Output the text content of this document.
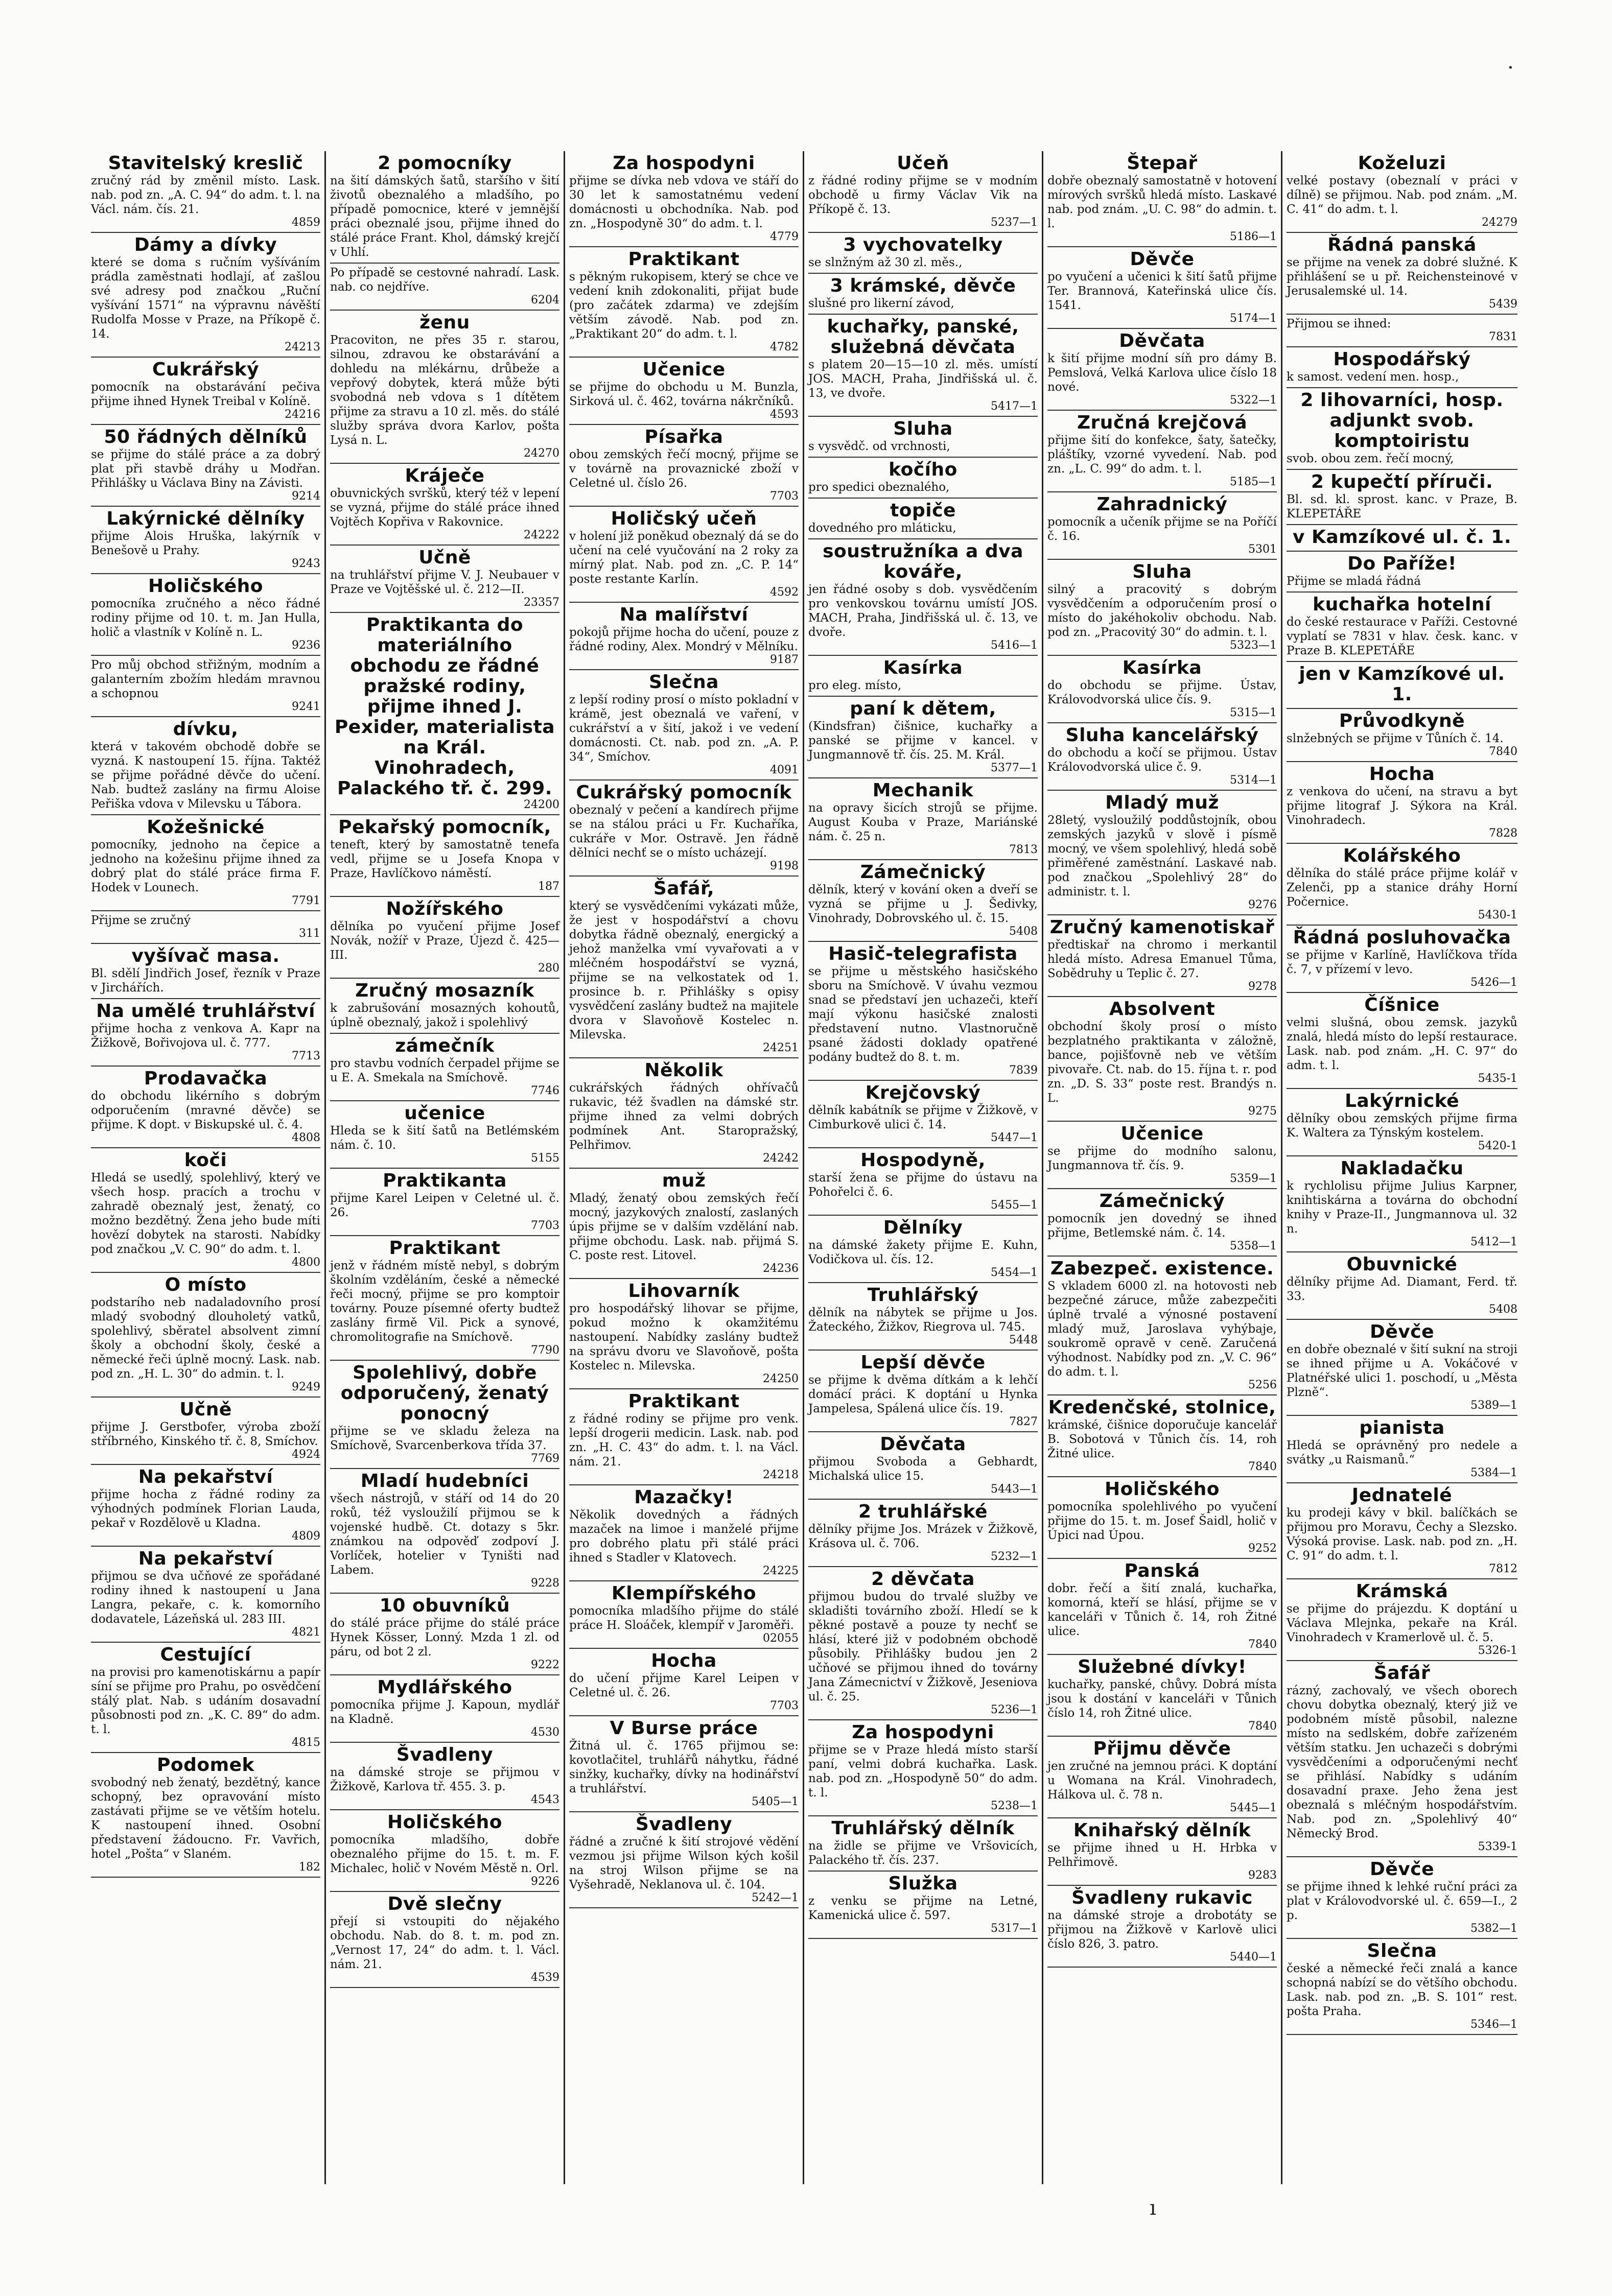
Stavitelský kreslič

zručný rád by změnil místo. Lask. nab. pod zn. „A. C. 94“ do adm. t. l. na Václ. nám. čís. 21.

4859
Dámy a dívky

které se doma s ručním vyšíváním prádla zaměstnati hodlají, ať zašlou své adresy pod značkou „Ruční vyšívání 1571“ na výpravnu návěští Rudolfa Mosse v Praze, na Příkopě č. 14.

24213
Cukrářský

pomocník na obstarávání pečiva přijme ihned Hynek Treibal v Kolíně.

24216
50 řádných dělníků

se přijme do stálé práce a za dobrý plat při stavbě dráhy u Modřan. Přihlášky u Václava Biny na Závisti.

9214
Lakýrnické dělníky

přijme Alois Hruška, lakýrník v Benešově u Prahy.

9243
Holičského

pomocníka zručného a něco řádné rodiny přijme od 10. t. m. Jan Hulla, holič a vlastník v Kolíně n. L.

9236

Pro můj obchod střižným, modním a galanterním zbožím hledám mravnou a schopnou

9241
dívku,

která v takovém obchodě dobře se vyzná. K nastoupení 15. října. Taktéž se přijme pořádné děvče do učení. Nab. budtež zaslány na firmu Aloise Peřiška vdova v Milevsku u Tábora.

Kožešnické

pomocníky, jednoho na čepice a jednoho na kožešinu přijme ihned za dobrý plat do stálé práce firma F. Hodek v Lounech.

7791

Přijme se zručný

311
vyšívač masa.

Bl. sdělí Jindřich Josef, řezník v Praze v Jirchářích.

Na umělé truhlářství

přijme hocha z venkova A. Kapr na Žižkově, Bořivojova ul. č. 777.

7713
Prodavačka

do obchodu likérního s dobrým odporučením (mravné děvče) se přijme. K dopt. v Biskupské ul. č. 4.

4808
koči

Hledá se usedlý, spolehlivý, který ve všech hosp. pracích a trochu v zahradě obeznalý jest, ženatý, co možno bezdětný. Žena jeho bude míti hovězí dobytek na starosti. Nabídky pod značkou „V. C. 90“ do adm. t. l.

4800
O místo

podstarího neb nadaladovního prosí mladý svobodný dlouholetý vatků, spolehlivý, sběratel absolvent zimní školy a obchodní školy, české a německé řeči úplně mocný. Lask. nab. pod zn. „H. L. 30“ do admin. t. l.

9249
Učně

přijme J. Gerstbofer, výroba zboží stříbrného, Kinského tř. č. 8, Smíchov.

4924
Na pekařství

přijme hocha z řádné rodiny za výhodných podmínek Florian Lauda, pekař v Rozdělově u Kladna.

4809
Na pekařství

přijmou se dva učňové ze spořádané rodiny ihned k nastoupení u Jana Langra, pekaře, c. k. komorního dodavatele, Lázeňská ul. 283 III.

4821
Cestující

na provisi pro kamenotiskárnu a papír síní se přijme pro Prahu, po osvědčení stálý plat. Nab. s udáním dosavadní působnosti pod zn. „K. C. 89“ do adm. t. l.

4815
Podomek

svobodný neb ženatý, bezdětný, kance schopný, bez opravování místo zastávati přijme se ve větším hotelu. K nastoupení ihned. Osobní představení žádoucno. Fr. Vavřich, hotel „Pošta“ v Slaném.

182
2 pomocníky

na šití dámských šatů, staršího v šití životů obeznalého a mladšího, po případě pomocnice, které v jemnější práci obeznalé jsou, přijme ihned do stálé práce Frant. Khol, dámský krejčí v Uhlí.

Po případě se cestovné nahradí. Lask. nab. co nejdříve.

6204
ženu

Pracoviton, ne přes 35 r. starou, silnou, zdravou ke obstarávání a dohledu na mlékárnu, drůbeže a vepřový dobytek, která může býti svobodná neb vdova s 1 dítětem přijme za stravu a 10 zl. měs. do stálé služby správa dvora Karlov, pošta Lysá n. L.

24270
Kráječe

obuvnických svršků, který též v lepení se vyzná, přijme do stálé práce ihned Vojtěch Kopřiva v Rakovnice.

24222
Učně

na truhlářství přijme V. J. Neubauer v Praze ve Vojtěšské ul. č. 212—II.

23357
Praktikanta do materiálního obchodu ze řádné pražské rodiny, přijme ihned J. Pexider, materialista na Král. Vinohradech, Palackého tř. č. 299.
24200
Pekařský pomocník,

teneft, který by samostatně tenefa vedl, přijme se u Josefa Knopa v Praze, Havlíčkovo náměstí.

187
Nožířského

dělníka po vyučení přijme Josef Novák, nožíř v Praze, Újezd č. 425—III.

280
Zručný mosazník

k zabrušování mosazných kohoutů, úplně obeznalý, jakož i spolehlivý

zámečník

pro stavbu vodních čerpadel přijme se u E. A. Smekala na Smíchově.

7746
učenice

Hleda se k šití šatů na Betlémském nám. č. 10.

5155
Praktikanta

přijme Karel Leipen v Celetné ul. č. 26.

7703
Praktikant

jenž v řádném místě nebyl, s dobrým školním vzděláním, české a německé řeči mocný, přijme se pro komptoir továrny. Pouze písemné oferty budtež zaslány firmě Vil. Pick a synové, chromolitografie na Smíchově.

7790
Spolehlivý, dobře odporučený, ženatý ponocný

přijme se ve skladu železa na Smíchově, Svarcenberkova třída 37.

7769
Mladí hudebníci

všech nástrojů, v stáří od 14 do 20 roků, též vysloužilí přijmou se k vojenské hudbě. Ct. dotazy s 5kr. známkou na odpověď zodpoví J. Vorlíček, hotelier v Tyništi nad Labem.

9228
10 obuvníků

do stálé práce přijme do stálé práce Hynek Kösser, Lonný. Mzda 1 zl. od páru, od bot 2 zl.

9222
Mydlářského

pomocníka přijme J. Kapoun, mydlář na Kladně.

4530
Švadleny

na dámské stroje se přijmou v Žižkově, Karlova tř. 455. 3. p.

4543
Holičského

pomocníka mladšího, dobře obeznalého přijme do 15. t. m. F. Michalec, holič v Novém Městě n. Orl.

9226
Dvě slečny

přejí si vstoupiti do nějakého obchodu. Nab. do 8. t. m. pod zn. „Vernost 17, 24“ do adm. t. l. Václ. nám. 21.

4539
Za hospodyni

přijme se dívka neb vdova ve stáří do 30 let k samostatnému vedení domácnosti u obchodníka. Nab. pod zn. „Hospodyně 30“ do adm. t. l.

4779
Praktikant

s pěkným rukopisem, který se chce ve vedení knih zdokonaliti, přijat bude (pro začátek zdarma) ve zdejším větším závodě. Nab. pod zn. „Praktikant 20“ do adm. t. l.

4782
Učenice

se přijme do obchodu u M. Bunzla, Sirková ul. č. 462, továrna nákrčníků.

4593
Písařka

obou zemských řečí mocný, přijme se v továrně na provaznické zboží v Celetné ul. číslo 26.

7703
Holičský učeň

v holení již poněkud obeznalý dá se do učení na celé vyučování na 2 roky za mírný plat. Nab. pod zn. „C. P. 14“ poste restante Karlín.

4592
Na malířství

pokojů přijme hocha do učení, pouze z řádné rodiny, Alex. Mondrý v Mělníku.

9187
Slečna

z lepší rodiny prosí o místo pokladní v krámě, jest obeznalá ve vaření, v cukrářství a v šití, jakož i ve vedení domácnosti. Ct. nab. pod zn. „A. P. 34“, Smíchov.

4091
Cukrářský pomocník

obeznalý v pečení a kandírech přijme se na stálou práci u Fr. Kuchaříka, cukráře v Mor. Ostravě. Jen řádně dělníci nechť se o místo ucházejí.

9198
Šafář,

který se vysvědčeními vykázati může, že jest v hospodářství a chovu dobytka řádně obeznalý, energický a jehož manželka vmí vyvařovati a v mléčném hospodářství se vyzná, přijme se na velkostatek od 1. prosince b. r. Přihlášky s opisy vysvědčení zaslány budtež na majitele dvora v Slavoňově Kostelec n. Milevska.

24251
Několik

cukrářských řádných ohřívačů rukavic, též švadlen na dámské str. přijme ihned za velmi dobrých podmínek Ant. Staropražský, Pelhřimov.

24242
muž

Mladý, ženatý obou zemských řečí mocný, jazykových znalostí, zaslaných úpis přijme se v dalším vzdělání nab. přijme obchodu. Lask. nab. přijmá S. C. poste rest. Litovel.

24236
Lihovarník

pro hospodářský lihovar se přijme, pokud možno k okamžitému nastoupení. Nabídky zaslány budtež na správu dvoru ve Slavoňově, pošta Kostelec n. Milevska.

24250
Praktikant

z řádné rodiny se přijme pro venk. lepší drogerii medicin. Lask. nab. pod zn. „H. C. 43“ do adm. t. l. na Václ. nám. 21.

24218
Mazačky!

Několik dovedných a řádných mazaček na limoe i manželé přijme pro dobrého platu při stálé práci ihned s Stadler v Klatovech.

24225
Klempířského

pomocníka mladšího přijme do stálé práce H. Sloáček, klempíř v Jaroměři.

02055
Hocha

do učení přijme Karel Leipen v Celetné ul. č. 26.

7703
V Burse práce

Žitná ul. č. 1765 přijmou se: kovotlačitel, truhlářů náhytku, řádné sinžky, kuchařky, dívky na hodinářství a truhlářství.

5405—1
Švadleny

řádné a zručné k šití strojové vědění vezmou jsi přijme Wilson kých košil na stroj Wilson přijme se na Vyšehradě, Neklanova ul. č. 104.

5242—1
Učeň

z řádné rodiny přijme se v modním obchodě u firmy Václav Vik na Příkopě č. 13.

5237—1
3 vychovatelky

se slnžným až 30 zl. měs.,

3 krámské, děvče

slušné pro likerní závod,

kuchařky, panské, služebná děvčata

s platem 20—15—10 zl. měs. umístí JOS. MACH, Praha, Jindřišská ul. č. 13, ve dvoře.

5417—1
Sluha

s vysvědč. od vrchnosti,

kočího

pro spedici obeznalého,

topiče

dovedného pro mláticku,

soustružníka a dva kováře,

jen řádné osoby s dob. vysvědčením pro venkovskou továrnu umístí JOS. MACH, Praha, Jindřišská ul. č. 13, ve dvoře.

5416—1
Kasírka

pro eleg. místo,

paní k dětem,

(Kindsfran) čišnice, kuchařky a panské se přijme v kancel. v Jungmannově tř. čís. 25. M. Král.

5377—1
Mechanik

na opravy šicích strojů se přijme. August Kouba v Praze, Mariánské nám. č. 25 n.

7813
Zámečnický

dělník, který v kování oken a dveří se vyzná se přijme u J. Šedivky, Vinohrady, Dobrovského ul. č. 15.

5408
Hasič-telegrafista

se přijme u městského hasičského sboru na Smíchově. V úvahu vezmou snad se představí jen uchazeči, kteří mají výkonu hasičské znalosti představení nutno. Vlastnoručně psané žádosti doklady opatřené podány budtež do 8. t. m.

7839
Krejčovský

dělník kabátník se přijme v Žižkově, v Cimburkově ulici č. 14.

5447—1
Hospodyně,

starší žena se přijme do ústavu na Pohořelci č. 6.

5455—1
Dělníky

na dámské žakety přijme E. Kuhn, Vodičkova ul. čís. 12.

5454—1
Truhlářský

dělník na nábytek se přijme u Jos. Žateckého, Žižkov, Riegrova ul. 745.

5448
Lepší děvče

se přijme k dvěma dítkám a k lehčí domácí práci. K doptání u Hynka Jampelesa, Spálená ulice čís. 19.

7827
Děvčata

přijmou Svoboda a Gebhardt, Michalská ulice 15.

5443—1
2 truhlářské

dělníky přijme Jos. Mrázek v Žižkově, Krásova ul. č. 706.

5232—1
2 děvčata

přijmou budou do trvalé služby ve skladišti továrního zboží. Hledí se k pěkné postavě a pouze ty nechť se hlásí, které již v podobném obchodě působily. Přihlášky budou jen 2 učňové se přijmou ihned do továrny Jana Zámecnictví v Žižkově, Jeseniova ul. č. 25.

5236—1
Za hospodyni

přijme se v Praze hledá místo starší paní, velmi dobrá kuchařka. Lask. nab. pod zn. „Hospodyně 50“ do adm. t. l.

5238—1
Truhlářský dělník

na židle se přijme ve Vršovicích, Palackého tř. čís. 237.

Služka

z venku se přijme na Letné, Kamenická ulice č. 597.

5317—1
Štepař

dobře obeznalý samostatně v hotovení mírových svršků hledá místo. Laskavé nab. pod znám. „U. C. 98“ do admin. t. l.

5186—1
Děvče

po vyučení a učenici k šití šatů přijme Ter. Brannová, Kateřinská ulice čís. 1541.

5174—1
Děvčata

k šití přijme modní síň pro dámy B. Pemslová, Velká Karlova ulice číslo 18 nové.

5322—1
Zručná krejčová

přijme šití do konfekce, šaty, šatečky, pláštíky, vzorné vyvedení. Nab. pod zn. „L. C. 99“ do adm. t. l.

5185—1
Zahradnický

pomocník a učeník přijme se na Poříčí č. 16.

5301
Sluha

silný a pracovitý s dobrým vysvědčením a odporučením prosí o místo do jakéhokoliv obchodu. Nab. pod zn. „Pracovitý 30“ do admin. t. l.

5323—1
Kasírka

do obchodu se přijme. Ústav, Královodvorská ulice čís. 9.

5315—1
Sluha kancelářský

do obchodu a kočí se přijmou. Ústav Královodvorská ulice č. 9.

5314—1
Mladý muž

28letý, vysloužilý poddůstojník, obou zemských jazyků v slově i písmě mocný, ve všem spolehlivý, hledá sobě přiměřené zaměstnání. Laskavé nab. pod značkou „Spolehlivý 28“ do administr. t. l.

9276
Zručný kamenotiskař

předtiskař na chromo i merkantil hledá místo. Adresa Emanuel Tůma, Sobědruhy u Teplic č. 27.

9278
Absolvent

obchodní školy prosí o místo bezplatného praktikanta v záložně, bance, pojišťovně neb ve větším pivovaře. Ct. nab. do 15. října t. r. pod zn. „D. S. 33“ poste rest. Brandýs n. L.

9275
Učenice

se přijme do modního salonu, Jungmannova tř. čís. 9.

5359—1
Zámečnický

pomocník jen dovedný se ihned přijme, Betlemské nám. č. 14.

5358—1
Zabezpeč. existence.

S vkladem 6000 zl. na hotovosti neb bezpečné záruce, může zabezpečiti úplně trvalé a výnosné postavení mladý muž, Jaroslava vyhýbaje, soukromě opravě v ceně. Zaručená výhodnost. Nabídky pod zn. „V. C. 96“ do adm. t. l.

5256
Kredenčské, stolnice,

krámské, čišnice doporučuje kancelář B. Sobotová v Tůnich čís. 14, roh Žitné ulice.

7840
Holičského

pomocníka spolehlivého po vyučení přijme do 15. t. m. Josef Šaidl, holič v Úpici nad Úpou.

9252
Panská

dobr. řečí a šití znalá, kuchařka, komorná, kteří se hlásí, přijme se v kanceláři v Tůnich č. 14, roh Žitné ulice.

7840
Služebné dívky!

kuchařky, panské, chůvy. Dobrá místa jsou k dostání v kanceláři v Tůnich číslo 14, roh Žitné ulice.

7840
Přijmu děvče

jen zručné na jemnou práci. K doptání u Womana na Král. Vinohradech, Hálkova ul. č. 78 n.

5445—1
Knihařský dělník

se přijme ihned u H. Hrbka v Pelhřimově.

9283
Švadleny rukavic

na dámské stroje a drobotáty se přijmou na Žižkově v Karlově ulici číslo 826, 3. patro.

5440—1
Koželuzi

velké postavy (obeznalí v práci v dílně) se přijmou. Nab. pod znám. „M. C. 41“ do adm. t. l.

24279
Řádná panská

se přijme na venek za dobré služné. K přihlášení se u př. Reichensteinové v Jerusalemské ul. 14.

5439

Přijmou se ihned:

7831
Hospodářský

k samost. vedení men. hosp.,

2 lihovarníci, hosp. adjunkt svob. komptoiristu

svob. obou zem. řečí mocný,

2 kupečtí příruči.

Bl. sd. kl. sprost. kanc. v Praze, B. KLEPETÁŘE

v Kamzíkové ul. č. 1.
Do Paříže!

Přijme se mladá řádná

kuchařka hotelní

do české restaurace v Paříži. Cestovné vyplatí se 7831 v hlav. česk. kanc. v Praze B. KLEPETÁŘE

jen v Kamzíkové ul. 1.
Průvodkyně

slnžebných se přijme v Tůních č. 14.

7840
Hocha

z venkova do učení, na stravu a byt přijme litograf J. Sýkora na Král. Vinohradech.

7828
Kolářského

dělníka do stálé práce přijme kolář v Zelenči, pp a stanice dráhy Horní Počernice.

5430-1
Řádná posluhovačka

se přijme v Karlíně, Havlíčkova třída č. 7, v přízemí v levo.

5426—1
Číšnice

velmi slušná, obou zemsk. jazyků znalá, hledá místo do lepší restaurace. Lask. nab. pod znám. „H. C. 97“ do adm. t. l.

5435-1
Lakýrnické

dělníky obou zemských přijme firma K. Waltera za Týnským kostelem.

5420-1
Nakladačku

k rychlolisu přijme Julius Karpner, knihtiskárna a továrna do obchodní knihy v Praze-II., Jungmannova ul. 32 n.

5412—1
Obuvnické

dělníky přijme Ad. Diamant, Ferd. tř. 33.

5408
Děvče

en dobře obeznalé v šití sukní na stroji se ihned přijme u A. Vokáčové v Platnéřské ulici 1. poschodí, u „Města Plzně“.

5389—1
pianista

Hledá se oprávněný pro nedele a svátky „u Raismanů.“

5384—1
Jednatelé

ku prodeji kávy v bkil. balíčkách se přijmou pro Moravu, Čechy a Slezsko. Výsoká provise. Lask. nab. pod zn. „H. C. 91“ do adm. t. l.

7812
Krámská

se přijme do prájezdu. K doptání u Václava Mlejnka, pekaře na Král. Vinohradech v Kramerlově ul. č. 5.

5326-1
Šafář

rázný, zachovalý, ve všech oborech chovu dobytka obeznalý, který již ve podobném místě působil, nalezne místo na sedlském, dobře zařízeném větším statku. Jen uchazeči s dobrými vysvědčeními a odporučenými nechť se přihlásí. Nabídky s udáním dosavadní praxe. Jeho žena jest obeznalá s mléčným hospodářstvím. Nab. pod zn. „Spolehlivý 40“ Německý Brod.

5339-1
Děvče

se přijme ihned k lehké ruční práci za plat v Královodvorské ul. č. 659—I., 2 p.

5382—1
Slečna

české a německé řeči znalá a kance schopná nabízí se do většího obchodu. Lask. nab. pod zn. „B. S. 101“ rest. pošta Praha.

5346—1
·
ı
